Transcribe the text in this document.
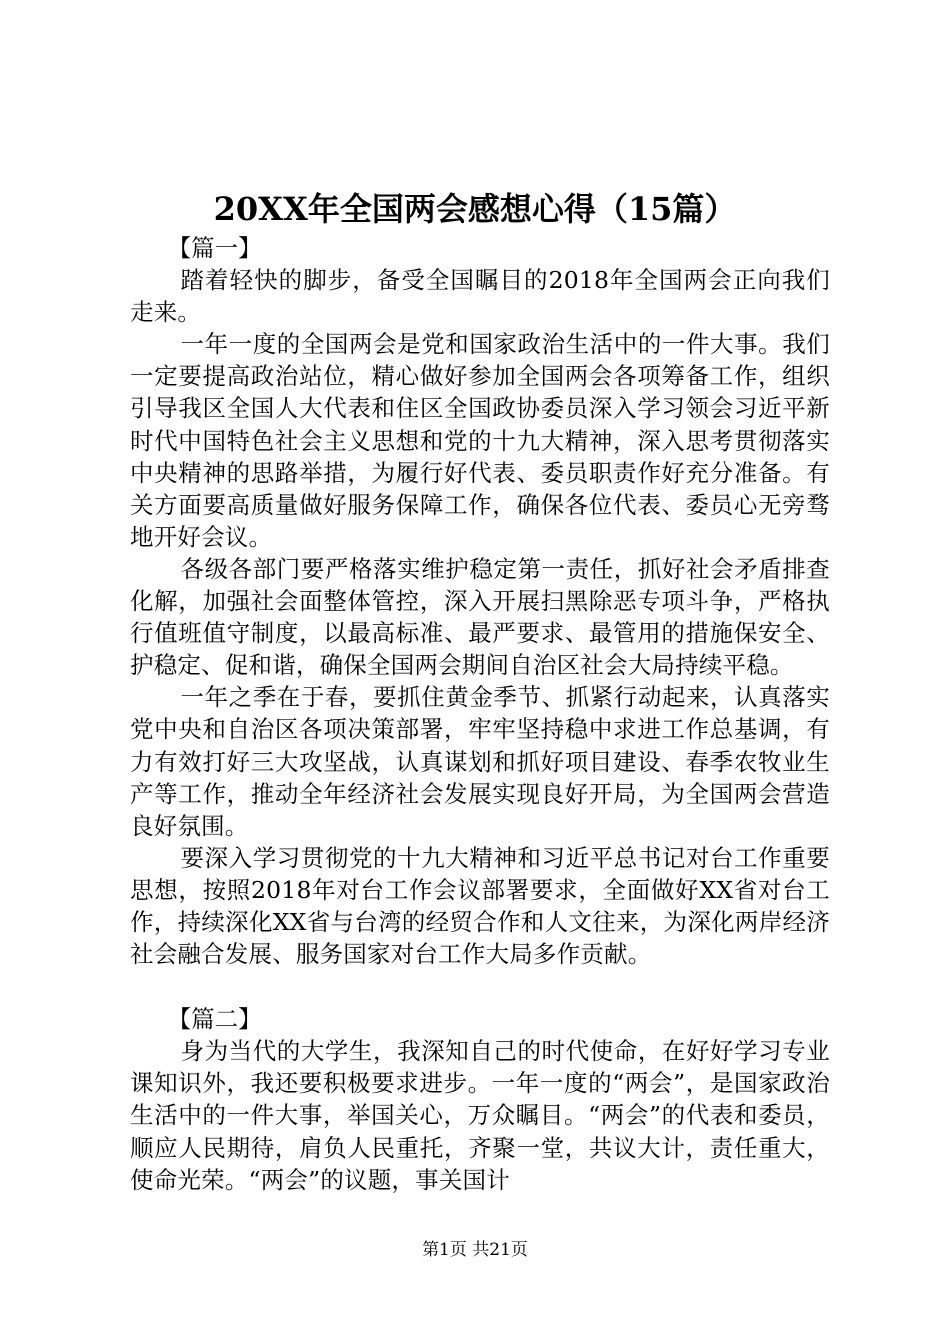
20XX年全国两会感想心得（15篇）

【篇一】

踏着轻快的脚步，备受全国瞩目的2018年全国两会正向我们走来。

一年一度的全国两会是党和国家政治生活中的一件大事。我们一定要提高政治站位，精心做好参加全国两会各项筹备工作，组织引导我区全国人大代表和住区全国政协委员深入学习领会习近平新时代中国特色社会主义思想和党的十九大精神，深入思考贯彻落实中央精神的思路举措，为履行好代表、委员职责作好充分准备。有关方面要高质量做好服务保障工作，确保各位代表、委员心无旁骛地开好会议。

各级各部门要严格落实维护稳定第一责任，抓好社会矛盾排查化解，加强社会面整体管控，深入开展扫黑除恶专项斗争，严格执行值班值守制度，以最高标准、最严要求、最管用的措施保安全、护稳定、促和谐，确保全国两会期间自治区社会大局持续平稳。

一年之季在于春，要抓住黄金季节、抓紧行动起来，认真落实党中央和自治区各项决策部署，牢牢坚持稳中求进工作总基调，有力有效打好三大攻坚战，认真谋划和抓好项目建设、春季农牧业生产等工作，推动全年经济社会发展实现良好开局，为全国两会营造良好氛围。

要深入学习贯彻党的十九大精神和习近平总书记对台工作重要思想，按照2018年对台工作会议部署要求，全面做好XX省对台工作，持续深化XX省与台湾的经贸合作和人文往来，为深化两岸经济社会融合发展、服务国家对台工作大局多作贡献。

【篇二】

身为当代的大学生，我深知自己的时代使命，在好好学习专业课知识外，我还要积极要求进步。一年一度的“两会”，是国家政治生活中的一件大事，举国关心，万众瞩目。“两会”的代表和委员，顺应人民期待，肩负人民重托，齐聚一堂，共议大计，责任重大，使命光荣。“两会”的议题，事关国计

第1页 共21页
